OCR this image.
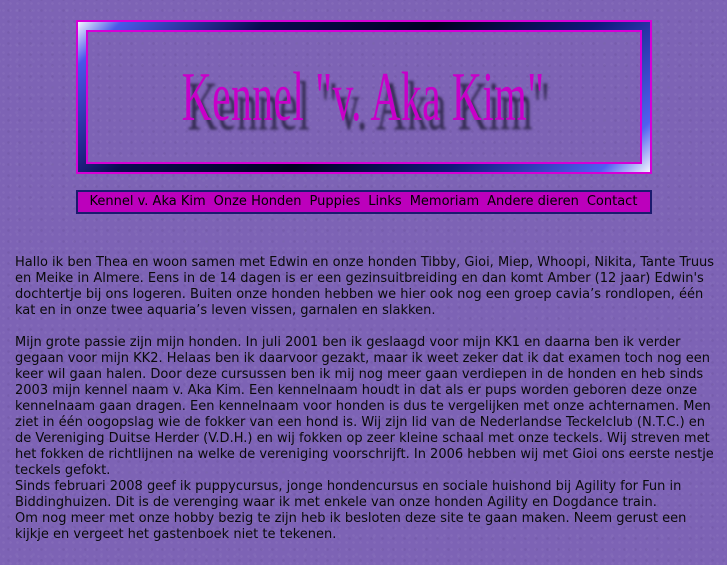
Kennel "v. Aka Kim"
Kennel v. Aka Kim Onze Honden Puppies Links Memoriam Andere dieren Contact

Hallo ik ben Thea en woon samen met Edwin en onze honden Tibby, Gioi, Miep, Whoopi, Nikita, Tante Truus en Meike in Almere. Eens in de 14 dagen is er een gezinsuitbreiding en dan komt Amber (12 jaar) Edwin's dochtertje bij ons logeren. Buiten onze honden hebben we hier ook nog een groep cavia’s rondlopen, één kat en in onze twee aquaria’s leven vissen, garnalen en slakken.

Mijn grote passie zijn mijn honden. In juli 2001 ben ik geslaagd voor mijn KK1 en daarna ben ik verder gegaan voor mijn KK2. Helaas ben ik daarvoor gezakt, maar ik weet zeker dat ik dat examen toch nog een keer wil gaan halen. Door deze cursussen ben ik mij nog meer gaan verdiepen in de honden en heb sinds 2003 mijn kennel naam v. Aka Kim. Een kennelnaam houdt in dat als er pups worden geboren deze onze kennelnaam gaan dragen. Een kennelnaam voor honden is dus te vergelijken met onze achternamen. Men ziet in één oogopslag wie de fokker van een hond is. Wij zijn lid van de Nederlandse Teckelclub (N.T.C.) en de Vereniging Duitse Herder (V.D.H.) en wij fokken op zeer kleine schaal met onze teckels. Wij streven met het fokken de richtlijnen na welke de vereniging voorschrijft. In 2006 hebben wij met Gioi ons eerste nestje teckels gefokt.

Sinds februari 2008 geef ik puppycursus, jonge hondencursus en sociale huishond bij Agility for Fun in Biddinghuizen. Dit is de verenging waar ik met enkele van onze honden Agility en Dogdance train.

Om nog meer met onze hobby bezig te zijn heb ik besloten deze site te gaan maken. Neem gerust een kijkje en vergeet het gastenboek niet te tekenen.
